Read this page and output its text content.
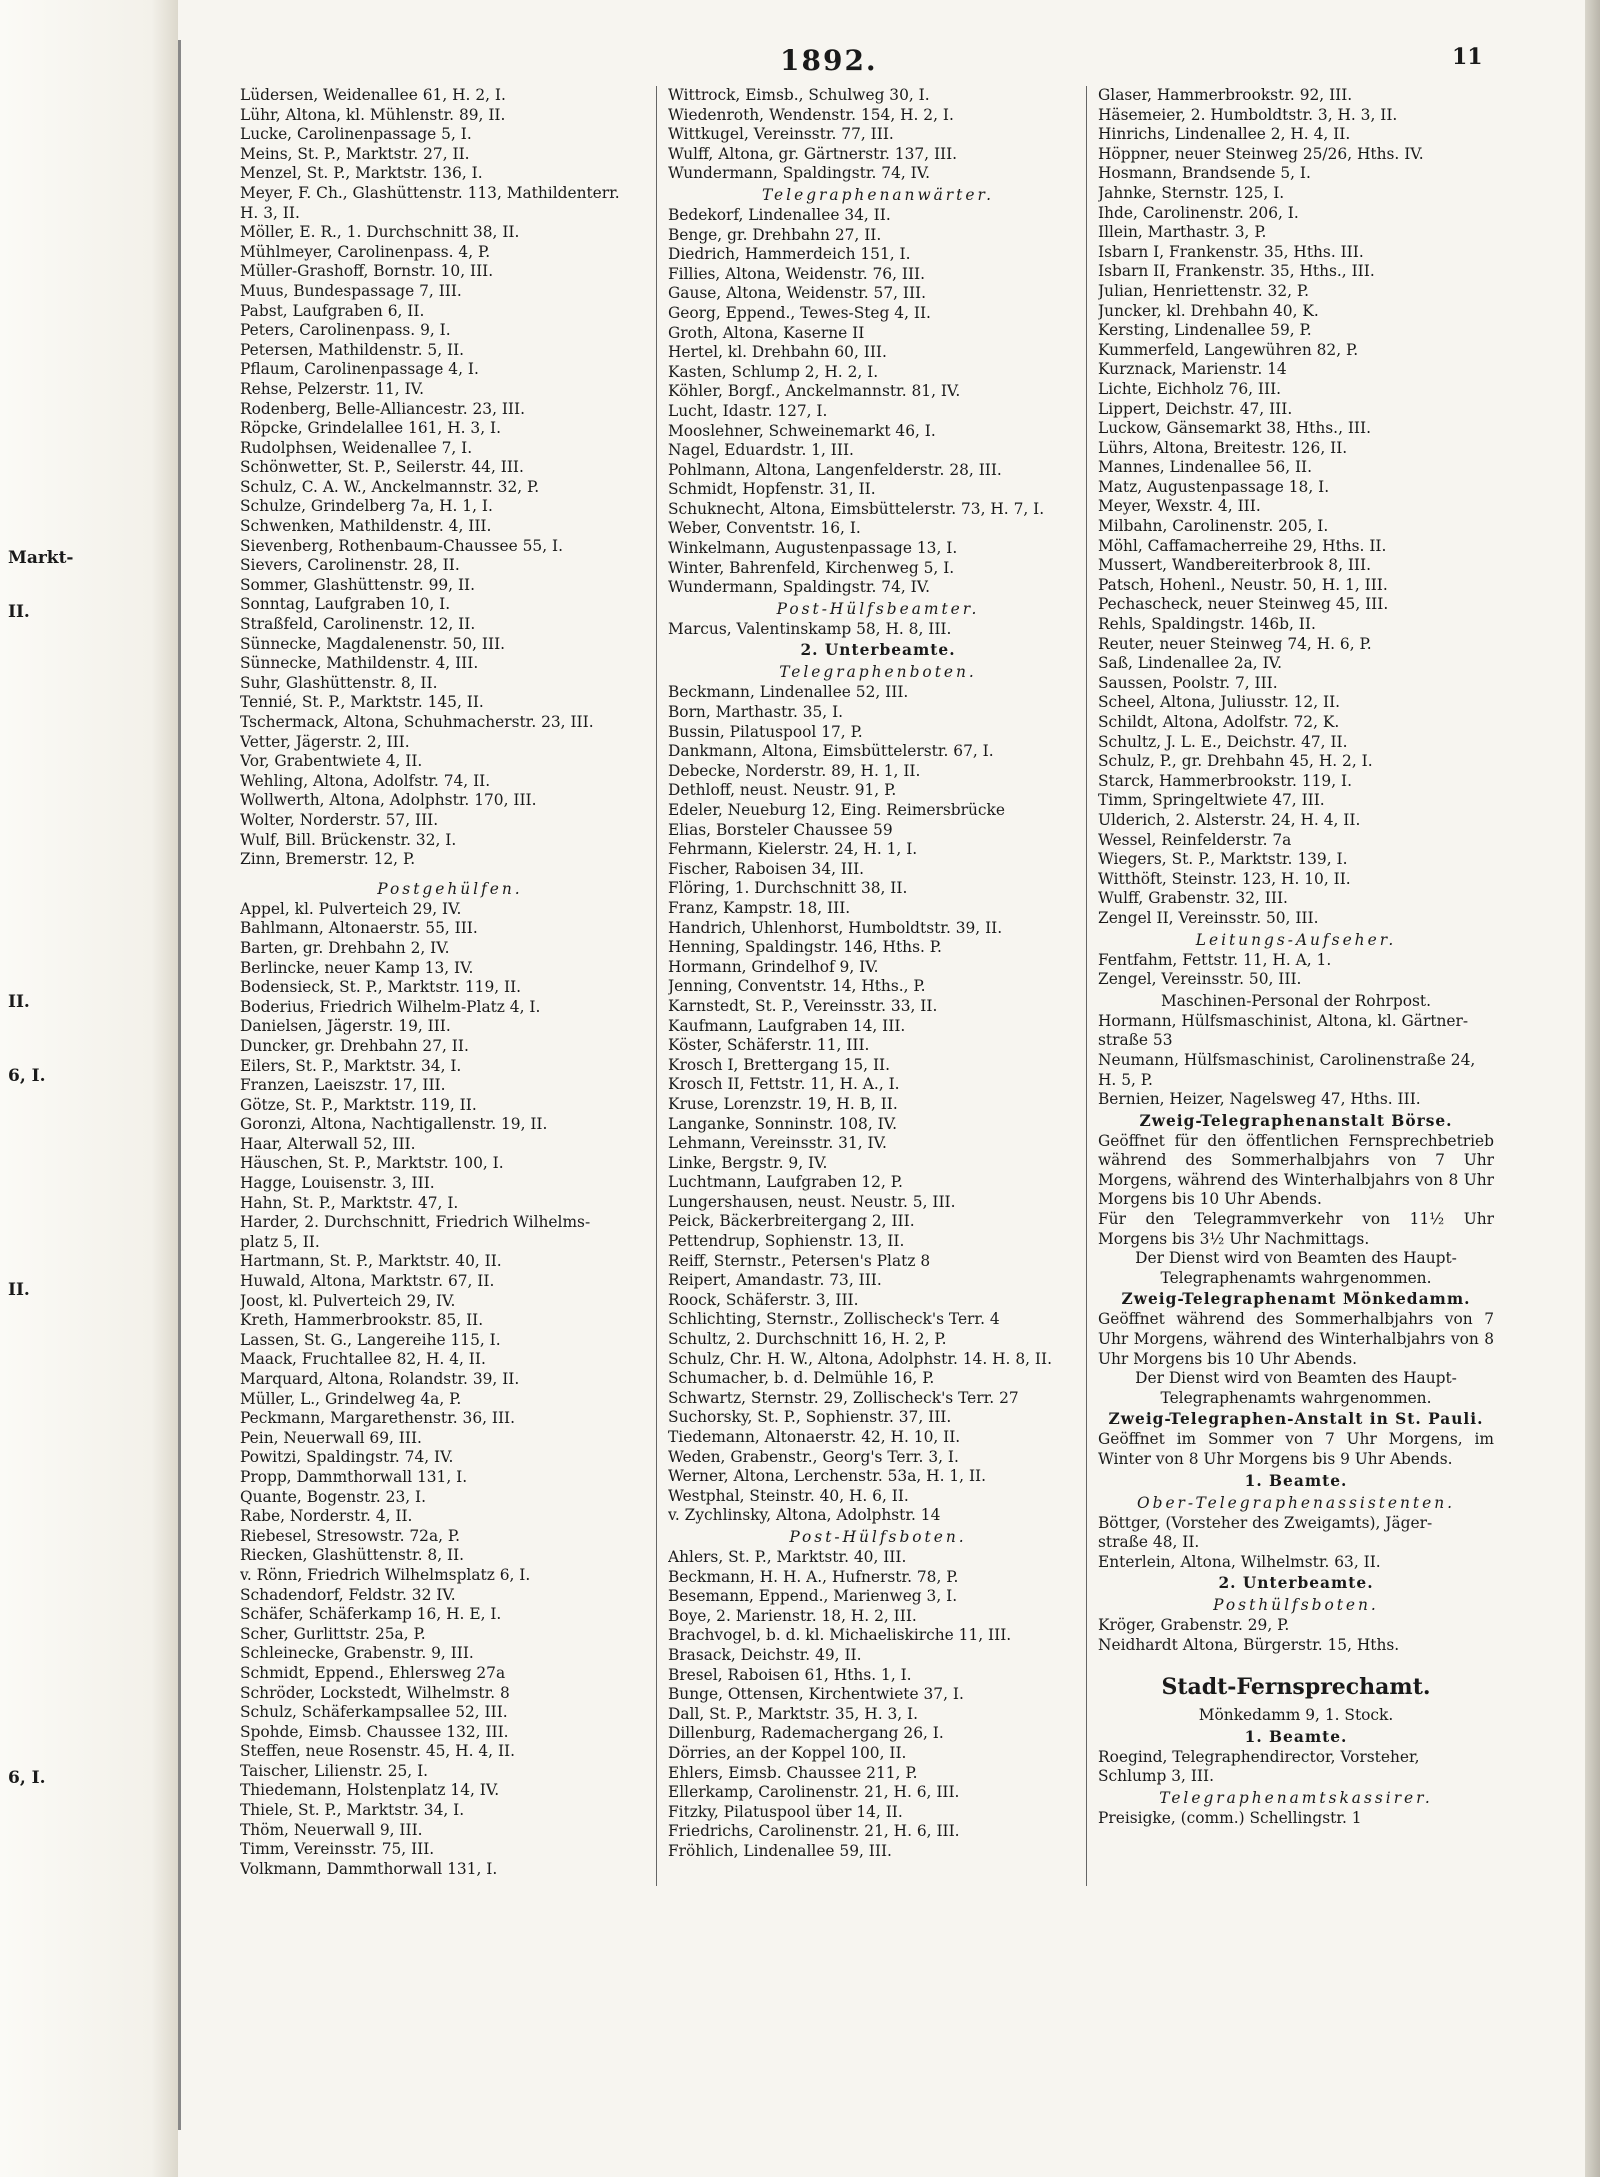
Markt-
II.
II.
6, I.
II.
6, I.
1892.	11
Lüdersen, Weidenallee 61, H. 2, I.
Lühr, Altona, kl. Mühlenstr. 89, II.
Lucke, Carolinenpassage 5, I.
Meins, St. P., Marktstr. 27, II.
Menzel, St. P., Marktstr. 136, I.
Meyer, F. Ch., Glashüttenstr. 113, Mathildenterr.
H. 3, II.
Möller, E. R., 1. Durchschnitt 38, II.
Mühlmeyer, Carolinenpass. 4, P.
Müller-Grashoff, Bornstr. 10, III.
Muus, Bundespassage 7, III.
Pabst, Laufgraben 6, II.
Peters, Carolinenpass. 9, I.
Petersen, Mathildenstr. 5, II.
Pflaum, Carolinenpassage 4, I.
Rehse, Pelzerstr. 11, IV.
Rodenberg, Belle-Alliancestr. 23, III.
Röpcke, Grindelallee 161, H. 3, I.
Rudolphsen, Weidenallee 7, I.
Schönwetter, St. P., Seilerstr. 44, III.
Schulz, C. A. W., Anckelmannstr. 32, P.
Schulze, Grindelberg 7a, H. 1, I.
Schwenken, Mathildenstr. 4, III.
Sievenberg, Rothenbaum-Chaussee 55, I.
Sievers, Carolinenstr. 28, II.
Sommer, Glashüttenstr. 99, II.
Sonntag, Laufgraben 10, I.
Straßfeld, Carolinenstr. 12, II.
Sünnecke, Magdalenenstr. 50, III.
Sünnecke, Mathildenstr. 4, III.
Suhr, Glashüttenstr. 8, II.
Tennié, St. P., Marktstr. 145, II.
Tschermack, Altona, Schuhmacherstr. 23, III.
Vetter, Jägerstr. 2, III.
Vor, Grabentwiete 4, II.
Wehling, Altona, Adolfstr. 74, II.
Wollwerth, Altona, Adolphstr. 170, III.
Wolter, Norderstr. 57, III.
Wulf, Bill. Brückenstr. 32, I.
Zinn, Bremerstr. 12, P.
Postgehülfen.
Appel, kl. Pulverteich 29, IV.
Bahlmann, Altonaerstr. 55, III.
Barten, gr. Drehbahn 2, IV.
Berlincke, neuer Kamp 13, IV.
Bodensieck, St. P., Marktstr. 119, II.
Boderius, Friedrich Wilhelm-Platz 4, I.
Danielsen, Jägerstr. 19, III.
Duncker, gr. Drehbahn 27, II.
Eilers, St. P., Marktstr. 34, I.
Franzen, Laeiszstr. 17, III.
Götze, St. P., Marktstr. 119, II.
Goronzi, Altona, Nachtigallenstr. 19, II.
Haar, Alterwall 52, III.
Häuschen, St. P., Marktstr. 100, I.
Hagge, Louisenstr. 3, III.
Hahn, St. P., Marktstr. 47, I.
Harder, 2. Durchschnitt, Friedrich Wilhelms-
platz 5, II.
Hartmann, St. P., Marktstr. 40, II.
Huwald, Altona, Marktstr. 67, II.
Joost, kl. Pulverteich 29, IV.
Kreth, Hammerbrookstr. 85, II.
Lassen, St. G., Langereihe 115, I.
Maack, Fruchtallee 82, H. 4, II.
Marquard, Altona, Rolandstr. 39, II.
Müller, L., Grindelweg 4a, P.
Peckmann, Margarethenstr. 36, III.
Pein, Neuerwall 69, III.
Powitzi, Spaldingstr. 74, IV.
Propp, Dammthorwall 131, I.
Quante, Bogenstr. 23, I.
Rabe, Norderstr. 4, II.
Riebesel, Stresowstr. 72a, P.
Riecken, Glashüttenstr. 8, II.
v. Rönn, Friedrich Wilhelmsplatz 6, I.
Schadendorf, Feldstr. 32 IV.
Schäfer, Schäferkamp 16, H. E, I.
Scher, Gurlittstr. 25a, P.
Schleinecke, Grabenstr. 9, III.
Schmidt, Eppend., Ehlersweg 27a
Schröder, Lockstedt, Wilhelmstr. 8
Schulz, Schäferkampsallee 52, III.
Spohde, Eimsb. Chaussee 132, III.
Steffen, neue Rosenstr. 45, H. 4, II.
Taischer, Lilienstr. 25, I.
Thiedemann, Holstenplatz 14, IV.
Thiele, St. P., Marktstr. 34, I.
Thöm, Neuerwall 9, III.
Timm, Vereinsstr. 75, III.
Volkmann, Dammthorwall 131, I.
Wittrock, Eimsb., Schulweg 30, I.
Wiedenroth, Wendenstr. 154, H. 2, I.
Wittkugel, Vereinsstr. 77, III.
Wulff, Altona, gr. Gärtnerstr. 137, III.
Wundermann, Spaldingstr. 74, IV.
Telegraphenanwärter.
Bedekorf, Lindenallee 34, II.
Benge, gr. Drehbahn 27, II.
Diedrich, Hammerdeich 151, I.
Fillies, Altona, Weidenstr. 76, III.
Gause, Altona, Weidenstr. 57, III.
Georg, Eppend., Tewes-Steg 4, II.
Groth, Altona, Kaserne II
Hertel, kl. Drehbahn 60, III.
Kasten, Schlump 2, H. 2, I.
Köhler, Borgf., Anckelmannstr. 81, IV.
Lucht, Idastr. 127, I.
Mooslehner, Schweinemarkt 46, I.
Nagel, Eduardstr. 1, III.
Pohlmann, Altona, Langenfelderstr. 28, III.
Schmidt, Hopfenstr. 31, II.
Schuknecht, Altona, Eimsbüttelerstr. 73, H. 7, I.
Weber, Conventstr. 16, I.
Winkelmann, Augustenpassage 13, I.
Winter, Bahrenfeld, Kirchenweg 5, I.
Wundermann, Spaldingstr. 74, IV.
Post-Hülfsbeamter.
Marcus, Valentinskamp 58, H. 8, III.
2. Unterbeamte.
Telegraphenboten.
Beckmann, Lindenallee 52, III.
Born, Marthastr. 35, I.
Bussin, Pilatuspool 17, P.
Dankmann, Altona, Eimsbüttelerstr. 67, I.
Debecke, Norderstr. 89, H. 1, II.
Dethloff, neust. Neustr. 91, P.
Edeler, Neueburg 12, Eing. Reimersbrücke
Elias, Borsteler Chaussee 59
Fehrmann, Kielerstr. 24, H. 1, I.
Fischer, Raboisen 34, III.
Flöring, 1. Durchschnitt 38, II.
Franz, Kampstr. 18, III.
Handrich, Uhlenhorst, Humboldtstr. 39, II.
Henning, Spaldingstr. 146, Hths. P.
Hormann, Grindelhof 9, IV.
Jenning, Conventstr. 14, Hths., P.
Karnstedt, St. P., Vereinsstr. 33, II.
Kaufmann, Laufgraben 14, III.
Köster, Schäferstr. 11, III.
Krosch I, Brettergang 15, II.
Krosch II, Fettstr. 11, H. A., I.
Kruse, Lorenzstr. 19, H. B, II.
Langanke, Sonninstr. 108, IV.
Lehmann, Vereinsstr. 31, IV.
Linke, Bergstr. 9, IV.
Luchtmann, Laufgraben 12, P.
Lungershausen, neust. Neustr. 5, III.
Peick, Bäckerbreitergang 2, III.
Pettendrup, Sophienstr. 13, II.
Reiff, Sternstr., Petersen's Platz 8
Reipert, Amandastr. 73, III.
Roock, Schäferstr. 3, III.
Schlichting, Sternstr., Zollischeck's Terr. 4
Schultz, 2. Durchschnitt 16, H. 2, P.
Schulz, Chr. H. W., Altona, Adolphstr. 14. H. 8, II.
Schumacher, b. d. Delmühle 16, P.
Schwartz, Sternstr. 29, Zollischeck's Terr. 27
Suchorsky, St. P., Sophienstr. 37, III.
Tiedemann, Altonaerstr. 42, H. 10, II.
Weden, Grabenstr., Georg's Terr. 3, I.
Werner, Altona, Lerchenstr. 53a, H. 1, II.
Westphal, Steinstr. 40, H. 6, II.
v. Zychlinsky, Altona, Adolphstr. 14
Post-Hülfsboten.
Ahlers, St. P., Marktstr. 40, III.
Beckmann, H. H. A., Hufnerstr. 78, P.
Besemann, Eppend., Marienweg 3, I.
Boye, 2. Marienstr. 18, H. 2, III.
Brachvogel, b. d. kl. Michaeliskirche 11, III.
Brasack, Deichstr. 49, II.
Bresel, Raboisen 61, Hths. 1, I.
Bunge, Ottensen, Kirchentwiete 37, I.
Dall, St. P., Marktstr. 35, H. 3, I.
Dillenburg, Rademachergang 26, I.
Dörries, an der Koppel 100, II.
Ehlers, Eimsb. Chaussee 211, P.
Ellerkamp, Carolinenstr. 21, H. 6, III.
Fitzky, Pilatuspool über 14, II.
Friedrichs, Carolinenstr. 21, H. 6, III.
Fröhlich, Lindenallee 59, III.
Glaser, Hammerbrookstr. 92, III.
Häsemeier, 2. Humboldtstr. 3, H. 3, II.
Hinrichs, Lindenallee 2, H. 4, II.
Höppner, neuer Steinweg 25/26, Hths. IV.
Hosmann, Brandsende 5, I.
Jahnke, Sternstr. 125, I.
Ihde, Carolinenstr. 206, I.
Illein, Marthastr. 3, P.
Isbarn I, Frankenstr. 35, Hths. III.
Isbarn II, Frankenstr. 35, Hths., III.
Julian, Henriettenstr. 32, P.
Juncker, kl. Drehbahn 40, K.
Kersting, Lindenallee 59, P.
Kummerfeld, Langewühren 82, P.
Kurznack, Marienstr. 14
Lichte, Eichholz 76, III.
Lippert, Deichstr. 47, III.
Luckow, Gänsemarkt 38, Hths., III.
Lührs, Altona, Breitestr. 126, II.
Mannes, Lindenallee 56, II.
Matz, Augustenpassage 18, I.
Meyer, Wexstr. 4, III.
Milbahn, Carolinenstr. 205, I.
Möhl, Caffamacherreihe 29, Hths. II.
Mussert, Wandbereiterbrook 8, III.
Patsch, Hohenl., Neustr. 50, H. 1, III.
Pechascheck, neuer Steinweg 45, III.
Rehls, Spaldingstr. 146b, II.
Reuter, neuer Steinweg 74, H. 6, P.
Saß, Lindenallee 2a, IV.
Saussen, Poolstr. 7, III.
Scheel, Altona, Juliusstr. 12, II.
Schildt, Altona, Adolfstr. 72, K.
Schultz, J. L. E., Deichstr. 47, II.
Schulz, P., gr. Drehbahn 45, H. 2, I.
Starck, Hammerbrookstr. 119, I.
Timm, Springeltwiete 47, III.
Ulderich, 2. Alsterstr. 24, H. 4, II.
Wessel, Reinfelderstr. 7a
Wiegers, St. P., Marktstr. 139, I.
Witthöft, Steinstr. 123, H. 10, II.
Wulff, Grabenstr. 32, III.
Zengel II, Vereinsstr. 50, III.
Leitungs-Aufseher.
Fentfahm, Fettstr. 11, H. A, 1.
Zengel, Vereinsstr. 50, III.
Maschinen-Personal der Rohrpost.
Hormann, Hülfsmaschinist, Altona, kl. Gärtner-
straße 53
Neumann, Hülfsmaschinist, Carolinenstraße 24,
H. 5, P.
Bernien, Heizer, Nagelsweg 47, Hths. III.
Zweig-Telegraphenanstalt Börse.
Geöffnet für den öffentlichen Fernsprechbetrieb während des Sommerhalbjahrs von 7 Uhr Morgens, während des Winterhalbjahrs von 8 Uhr Morgens bis 10 Uhr Abends.
Für den Telegrammverkehr von 11½ Uhr Morgens bis 3½ Uhr Nachmittags.
Der Dienst wird von Beamten des Haupt-Telegraphenamts wahrgenommen.
Zweig-Telegraphenamt Mönkedamm.
Geöffnet während des Sommerhalbjahrs von 7 Uhr Morgens, während des Winterhalbjahrs von 8 Uhr Morgens bis 10 Uhr Abends.
Der Dienst wird von Beamten des Haupt-Telegraphenamts wahrgenommen.
Zweig-Telegraphen-Anstalt in St. Pauli.
Geöffnet im Sommer von 7 Uhr Morgens, im Winter von 8 Uhr Morgens bis 9 Uhr Abends.
1. Beamte.
Ober-Telegraphenassistenten.
Böttger, (Vorsteher des Zweigamts), Jäger-
straße 48, II.
Enterlein, Altona, Wilhelmstr. 63, II.
2. Unterbeamte.
Posthülfsboten.
Kröger, Grabenstr. 29, P.
Neidhardt Altona, Bürgerstr. 15, Hths.
Stadt-Fernsprechamt.
Mönkedamm 9, 1. Stock.
1. Beamte.
Roegind, Telegraphendirector, Vorsteher,
Schlump 3, III.
Telegraphenamtskassirer.
Preisigke, (comm.) Schellingstr. 1
